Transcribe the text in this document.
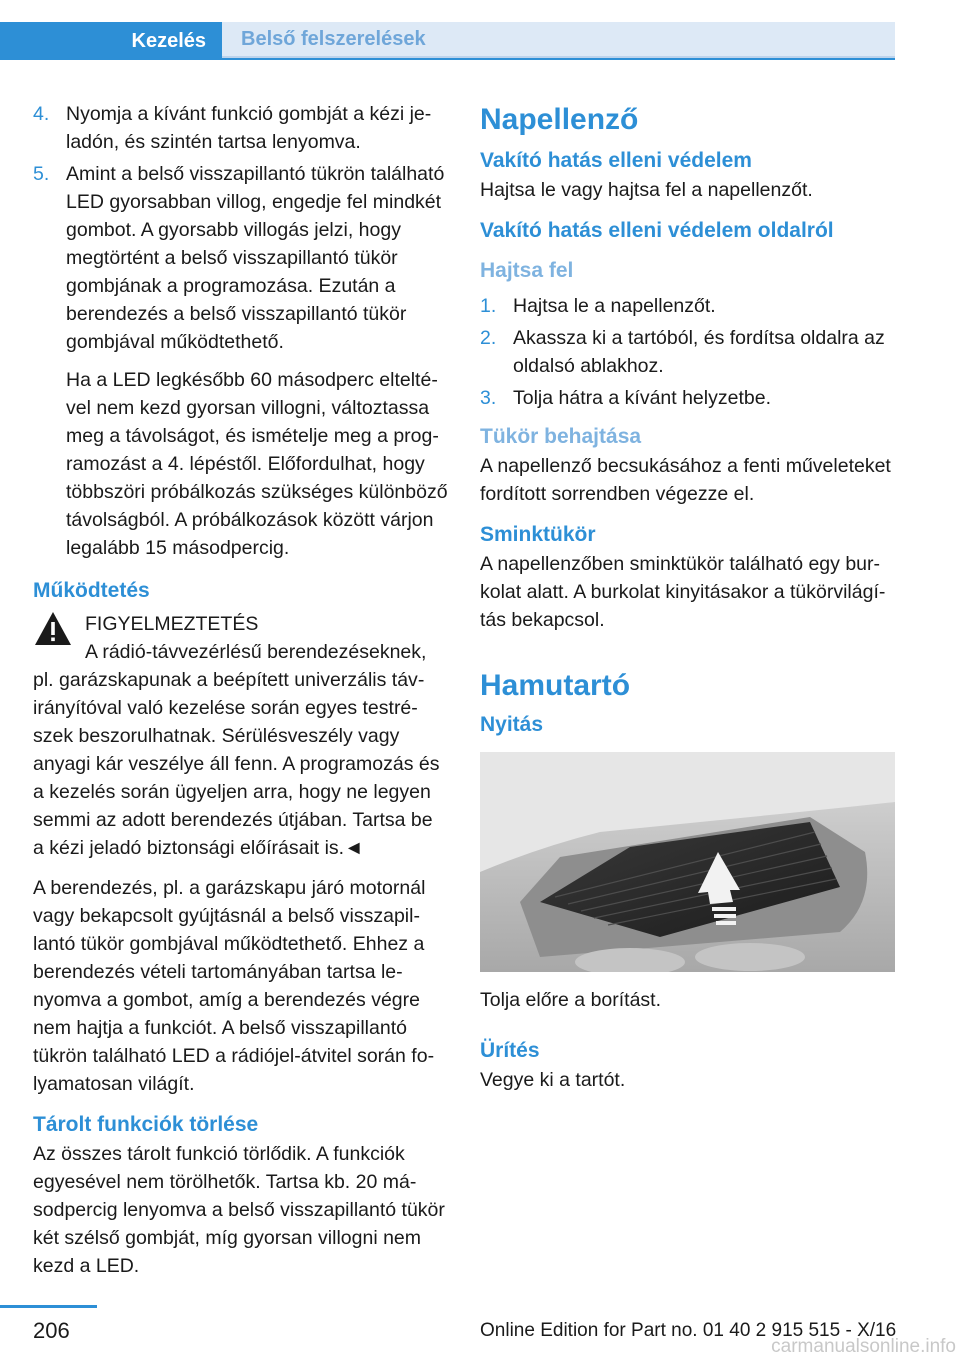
Kezelés	Belső felszerelések
4. Nyomja a kívánt funkció gombját a kézi jeladón, és szintén tartsa lenyomva.

5. Amint a belső visszapillantó tükrön található LED gyorsabban villog, engedje fel mindkét gombot. A gyorsabb villogás jelzi, hogy megtörtént a belső visszapillantó tükör gombjának a programozása. Ezután a berendezés a belső visszapillantó tükör gombjával működtethető.

Ha a LED legkésőbb 60 másodperc elteltével nem kezd gyorsan villogni, változtassa meg a távolságot, és ismételje meg a programozást a 4. lépéstől. Előfordulhat, hogy többszöri próbálkozás szükséges különböző távolságból. A próbálkozások között várjon legalább 15 másodpercig.

Működtetés
FIGYELMEZTETÉS
A rádió-távvezérlésű berendezéseknek,

pl. garázskapunak a beépített univerzális távirányítóval való kezelése során egyes testrészek beszorulhatnak. Sérülésveszély vagy anyagi kár veszélye áll fenn. A programozás és a kezelés során ügyeljen arra, hogy ne legyen semmi az adott berendezés útjában. Tartsa be a kézi jeladó biztonsági előírásait is.◄

A berendezés, pl. a garázskapu járó motornál vagy bekapcsolt gyújtásnál a belső visszapillantó tükör gombjával működtethető. Ehhez a berendezés vételi tartományában tartsa lenyomva a gombot, amíg a berendezés végre nem hajtja a funkciót. A belső visszapillantó tükrön található LED a rádiójel-átvitel során folyamatosan világít.

Tárolt funkciók törlése

Az összes tárolt funkció törlődik. A funkciók egyesével nem törölhetők. Tartsa kb. 20 másodpercig lenyomva a belső visszapillantó tükör két szélső gombját, míg gyorsan villogni nem kezd a LED.

Napellenző
Vakító hatás elleni védelem

Hajtsa le vagy hajtsa fel a napellenzőt.

Vakító hatás elleni védelem oldalról
Hajtsa fel
1. Hajtsa le a napellenzőt.

2. Akassza ki a tartóból, és fordítsa oldalra az oldalsó ablakhoz.

3. Tolja hátra a kívánt helyzetbe.

Tükör behajtása

A napellenző becsukásához a fenti műveleteket fordított sorrendben végezze el.

Sminktükör

A napellenzőben sminktükör található egy burkolat alatt. A burkolat kinyitásakor a tükörvilágítás bekapcsol.

Hamutartó
Nyitás

Tolja előre a borítást.

Ürítés

Vegye ki a tartót.

206	Online Edition for Part no. 01 40 2 915 515 - X/16
carmanualsonline.info
